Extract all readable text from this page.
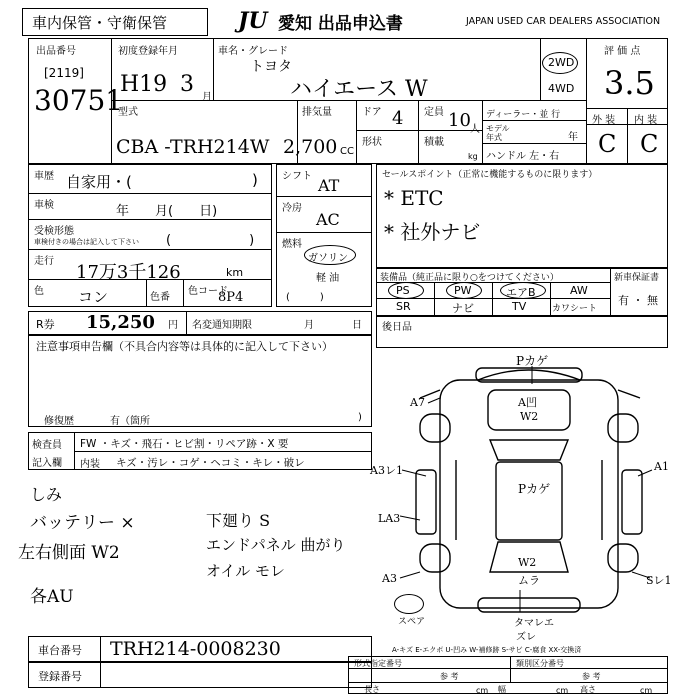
車内保管・守衛保管	JU 愛知 出品申込書	JAPAN USED CAR DEALERS ASSOCIATION
出品番号
[2119]
30751
初度登録年月
H19 3
月
車名・グレード
トヨタ
ハイエース W
2WD
4WD
評 価 点
3.5
外 装 内 装
C C
型式
CBA -TRH214W
排気量
2,700 CC
ドア 4
形状
定員 10 人
積載
kg
ディーラー・並 行
モデル 年式	年
ハンドル 左・右
車歴 自家用・(	)
車検	年　　月(　　日)
受検形態
車検付きの場合は記入して下さい (　　　　　　)
走行
17万3千126	km
色 コン	色番
色コード
8P4
R券 15,250 円 名変通知期限	月	日
シフト AT
冷房
AC
燃料
ガソリン
軽 油
(　　　)
セールスポイント（正常に機能するものに限ります）
* ETC
* 社外ナビ
装備品（純正品に限り○をつけてください）
PS	PW	エアB	AW
SR	ナビ	TV	カワシート
新車保証書
有 ・ 無
後日品
注意事項申告欄（不具合内容等は具体的に記入して下さい）
修復歴	有（箇所	)
検査員
記入欄
FW ・キズ・飛石・ヒビ割・リペア跡・X 要
内装 キズ・汚レ・コゲ・ヘコミ・キレ・破レ
しみ
バッテリー ×
左右側面 W2
各AU
下廻り S
エンドパネル 曲がり
オイル モレ
Pカゲ
A凹
W2
A7
A3レ1
LA3
A3
Pカゲ
A1
W2
ムラ	Sレ1
タマレエ
ズレ
スペア
車台番号 TRH214-0008230
登録番号
A-キズ E-エクボ U-凹み W-補修跡 S-サビ C-腐食 XX-交換済
形式指定番号	類別区分番号
参 考	参 考
長さ	cm 幅	cm 高さ	cm
